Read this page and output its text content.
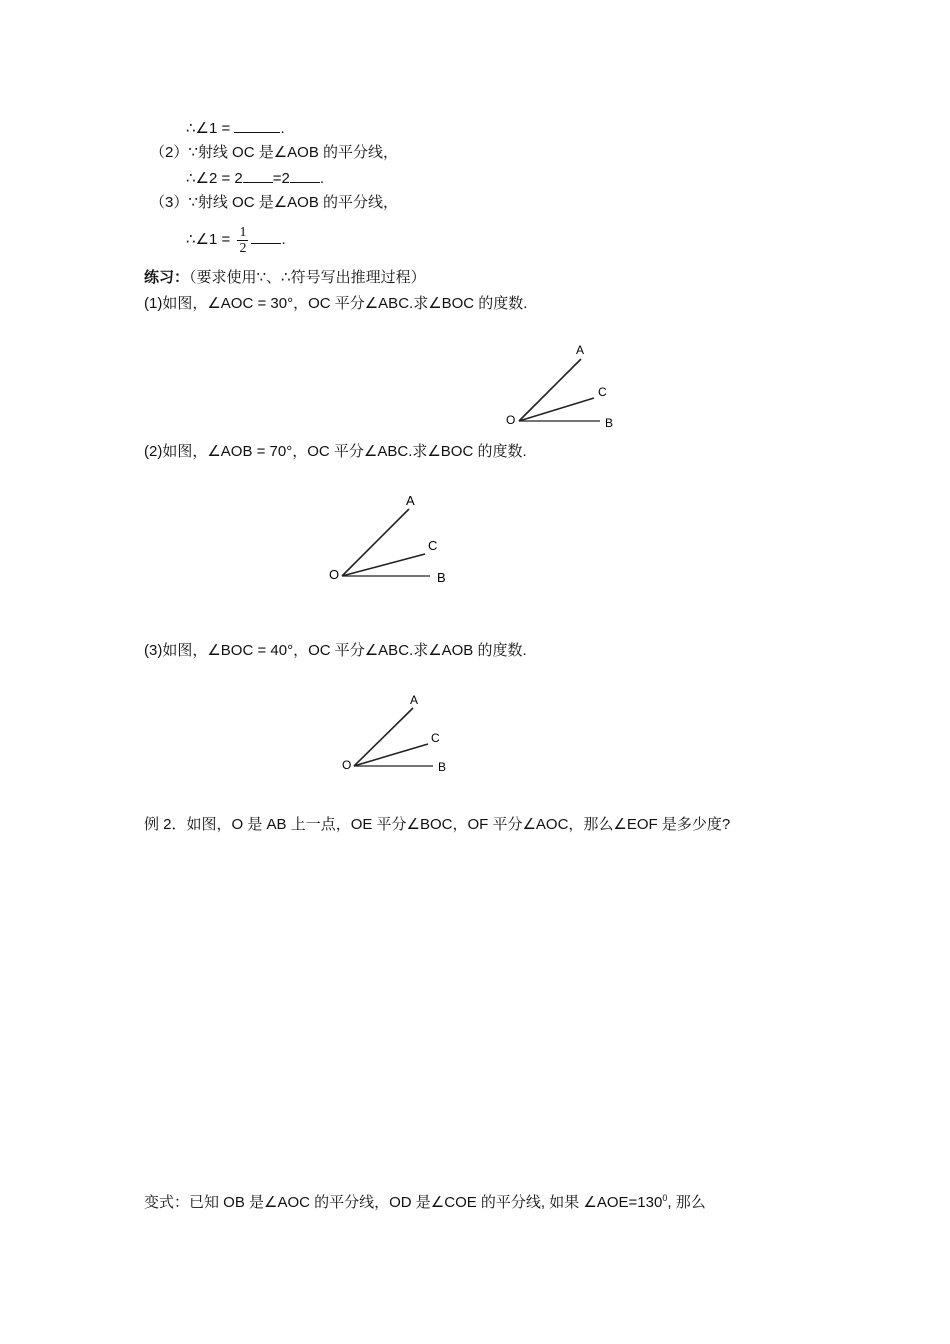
∴∠1 =	.
（2）∵射线 OC 是∠AOB 的平分线，
∴∠2 = 2 =2 .
（3）∵射线 OC 是∠AOB 的平分线，
∴∠1 = $\frac{1}{2}$ .
练习：（要求使用∵、∴符号写出推理过程）
(1)如图，∠AOC = 30°，OC 平分∠ABC.求∠BOC 的度数.
A
C
O	B
(2)如图，∠AOB = 70°，OC 平分∠ABC.求∠BOC 的度数.
A
C
O	B
(3)如图，∠BOC = 40°，OC 平分∠ABC.求∠AOB 的度数.
A
C
O	B
例 2．如图，O 是 AB 上一点，OE 平分∠BOC，OF 平分∠AOC，那么∠EOF 是多少度?
变式：已知 OB 是∠AOC 的平分线，OD 是∠COE 的平分线, 如果 $\angle AOE=130^0$, 那么
